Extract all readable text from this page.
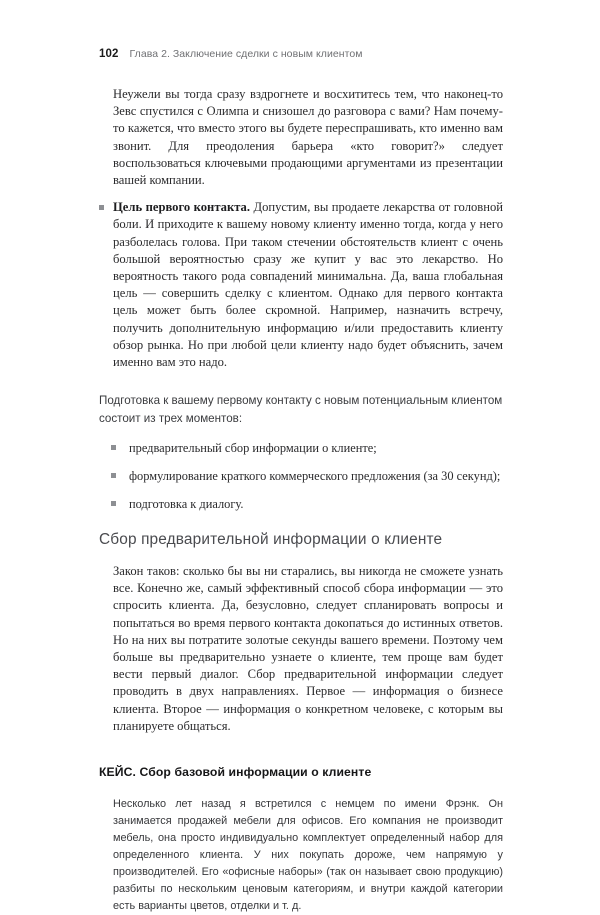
102 Глава 2. Заключение сделки с новым клиентом

Неужели вы тогда сразу вздрогнете и восхититесь тем, что наконец-то Зевс спустился с Олимпа и снизошел до разговора с вами? Нам почему-то кажется, что вместо этого вы будете переспрашивать, кто именно вам звонит. Для преодоления барьера «кто говорит?» следует воспользоваться ключевыми продающими аргументами из презентации вашей компании.

Цель первого контакта. Допустим, вы продаете лекарства от головной боли. И приходите к вашему новому клиенту именно тогда, когда у него разболелась голова. При таком стечении обстоятельств клиент с очень большой вероятностью сразу же купит у вас это лекарство. Но вероятность такого рода совпадений минимальна. Да, ваша глобальная цель — совершить сделку с клиентом. Однако для первого контакта цель может быть более скромной. Например, назначить встречу, получить дополнительную информацию и/или предоставить клиенту обзор рынка. Но при любой цели клиенту надо будет объяснить, зачем именно вам это надо.

Подготовка к вашему первому контакту с новым потенциальным клиентом состоит из трех моментов:

предварительный сбор информации о клиенте;
формулирование краткого коммерческого предложения (за 30 секунд);
подготовка к диалогу.
Сбор предварительной информации о клиенте

Закон таков: сколько бы вы ни старались, вы никогда не сможете узнать все. Конечно же, самый эффективный способ сбора информации — это спросить клиента. Да, безусловно, следует спланировать вопросы и попытаться во время первого контакта докопаться до истинных ответов. Но на них вы потратите золотые секунды вашего времени. Поэтому чем больше вы предварительно узнаете о клиенте, тем проще вам будет вести первый диалог. Сбор предварительной информации следует проводить в двух направлениях. Первое — информация о бизнесе клиента. Второе — информация о конкретном человеке, с которым вы планируете общаться.

КЕЙС. Сбор базовой информации о клиенте

Несколько лет назад я встретился с немцем по имени Фрэнк. Он занимается продажей мебели для офисов. Его компания не производит мебель, она просто индивидуально комплектует определенный набор для определенного клиента. У них покупать дороже, чем напрямую у производителей. Его «офисные наборы» (так он называет свою продукцию) разбиты по нескольким ценовым категориям, и внутри каждой категории есть варианты цветов, отделки и т. д.
